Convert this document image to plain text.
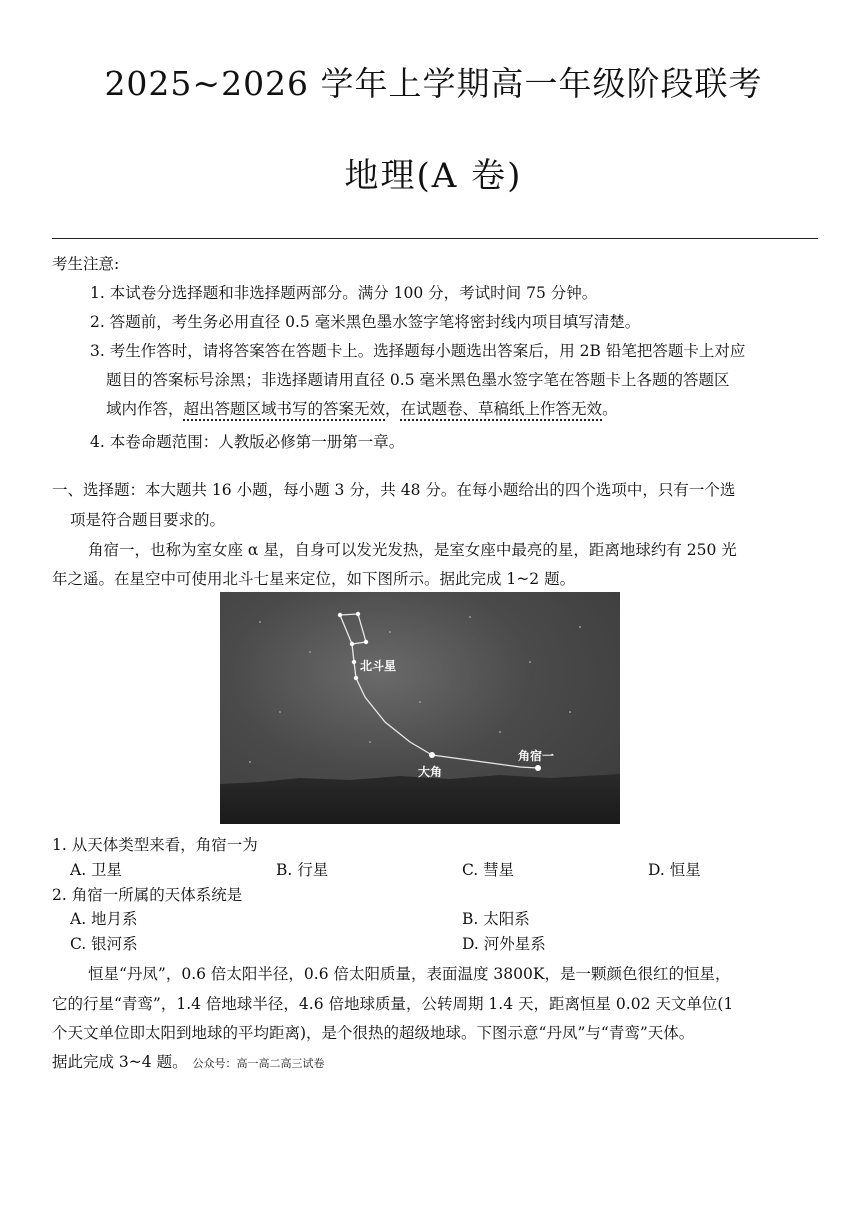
2025~2026 学年上学期高一年级阶段联考
地理(A 卷)
考生注意:
1. 本试卷分选择题和非选择题两部分。满分 100 分，考试时间 75 分钟。
2. 答题前，考生务必用直径 0.5 毫米黑色墨水签字笔将密封线内项目填写清楚。
3. 考生作答时，请将答案答在答题卡上。选择题每小题选出答案后，用 2B 铅笔把答题卡上对应
题目的答案标号涂黑；非选择题请用直径 0.5 毫米黑色墨水签字笔在答题卡上各题的答题区
域内作答，超出答题区域书写的答案无效，在试题卷、草稿纸上作答无效。
4. 本卷命题范围：人教版必修第一册第一章。
一、选择题：本大题共 16 小题，每小题 3 分，共 48 分。在每小题给出的四个选项中，只有一个选
项是符合题目要求的。
角宿一，也称为室女座 α 星，自身可以发光发热，是室女座中最亮的星，距离地球约有 250 光
年之遥。在星空中可使用北斗七星来定位，如下图所示。据此完成 1~2 题。
北斗星
大角
角宿一
1. 从天体类型来看，角宿一为
A. 卫星	B. 行星	C. 彗星	D. 恒星
2. 角宿一所属的天体系统是
A. 地月系	B. 太阳系
C. 银河系	D. 河外星系
恒星“丹凤”，0.6 倍太阳半径，0.6 倍太阳质量，表面温度 3800K，是一颗颜色很红的恒星，
它的行星“青鸾”，1.4 倍地球半径，4.6 倍地球质量，公转周期 1.4 天，距离恒星 0.02 天文单位(1
个天文单位即太阳到地球的平均距离)，是个很热的超级地球。下图示意“丹凤”与“青鸾”天体。
据此完成 3~4 题。 公众号：高一高二高三试卷
